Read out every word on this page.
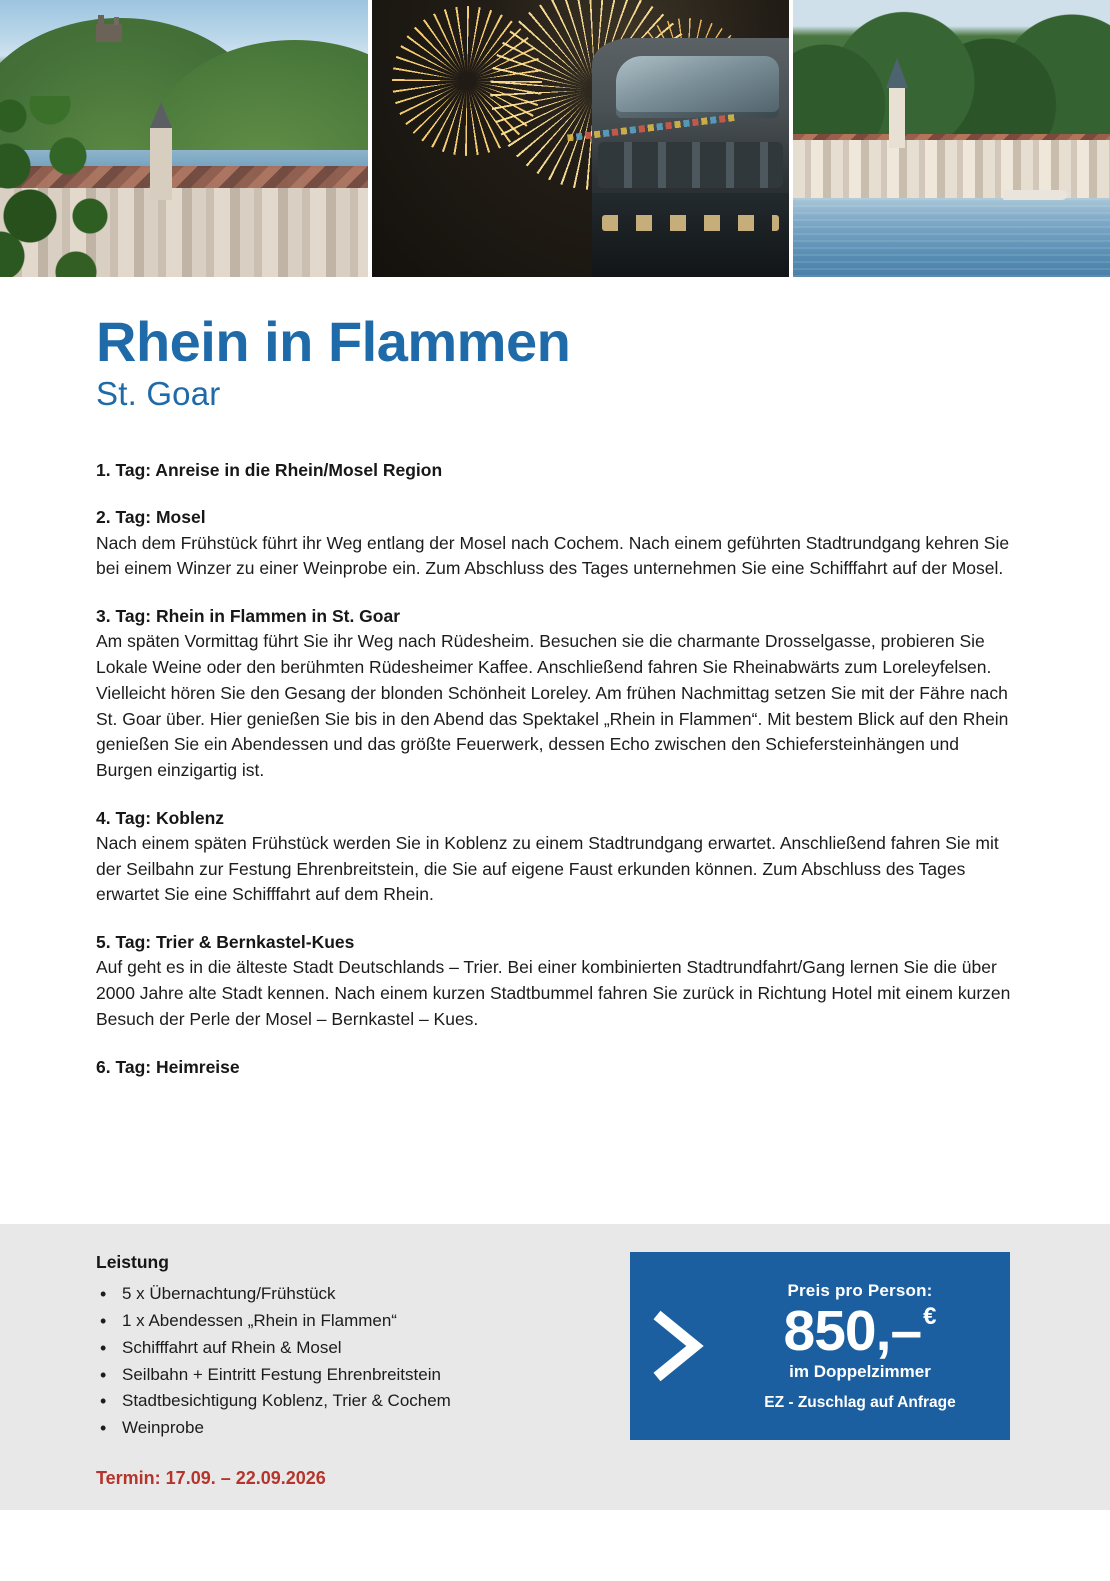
Rhein in Flammen
St. Goar
1. Tag: Anreise in die Rhein/Mosel Region
2. Tag: Mosel
Nach dem Frühstück führt ihr Weg entlang der Mosel nach Cochem. Nach einem geführten Stadtrundgang kehren Sie bei einem Winzer zu einer Weinprobe ein. Zum Abschluss des Tages unternehmen Sie eine Schifffahrt auf der Mosel.
3. Tag: Rhein in Flammen in St. Goar
Am späten Vormittag führt Sie ihr Weg nach Rüdesheim. Besuchen sie die charmante Drosselgasse, probieren Sie Lokale Weine oder den berühmten Rüdesheimer Kaffee. Anschließend fahren Sie Rheinabwärts zum Loreleyfelsen. Vielleicht hören Sie den Gesang der blonden Schönheit Loreley. Am frühen Nachmittag setzen Sie mit der Fähre nach St. Goar über. Hier genießen Sie bis in den Abend das Spektakel „Rhein in Flammen“. Mit bestem Blick auf den Rhein genießen Sie ein Abendessen und das größte Feuerwerk, dessen Echo zwischen den Schiefersteinhängen und Burgen einzigartig ist.
4. Tag: Koblenz
Nach einem späten Frühstück werden Sie in Koblenz zu einem Stadtrundgang erwartet. Anschließend fahren Sie mit der Seilbahn zur Festung Ehrenbreitstein, die Sie auf eigene Faust erkunden können. Zum Abschluss des Tages erwartet Sie eine Schifffahrt auf dem Rhein.
5. Tag: Trier & Bernkastel-Kues
Auf geht es in die älteste Stadt Deutschlands – Trier. Bei einer kombinierten Stadtrundfahrt/Gang lernen Sie die über 2000 Jahre alte Stadt kennen. Nach einem kurzen Stadtbummel fahren Sie zurück in Richtung Hotel mit einem kurzen Besuch der Perle der Mosel – Bernkastel – Kues.
6. Tag: Heimreise
Leistung
• 5 x Übernachtung/Frühstück
• 1 x Abendessen „Rhein in Flammen“
• Schifffahrt auf Rhein & Mosel
• Seilbahn + Eintritt Festung Ehrenbreitstein
• Stadtbesichtigung Koblenz, Trier & Cochem
• Weinprobe
Termin: 17.09. – 22.09.2026
Preis pro Person:
850,– €
im Doppelzimmer
EZ - Zuschlag auf Anfrage
